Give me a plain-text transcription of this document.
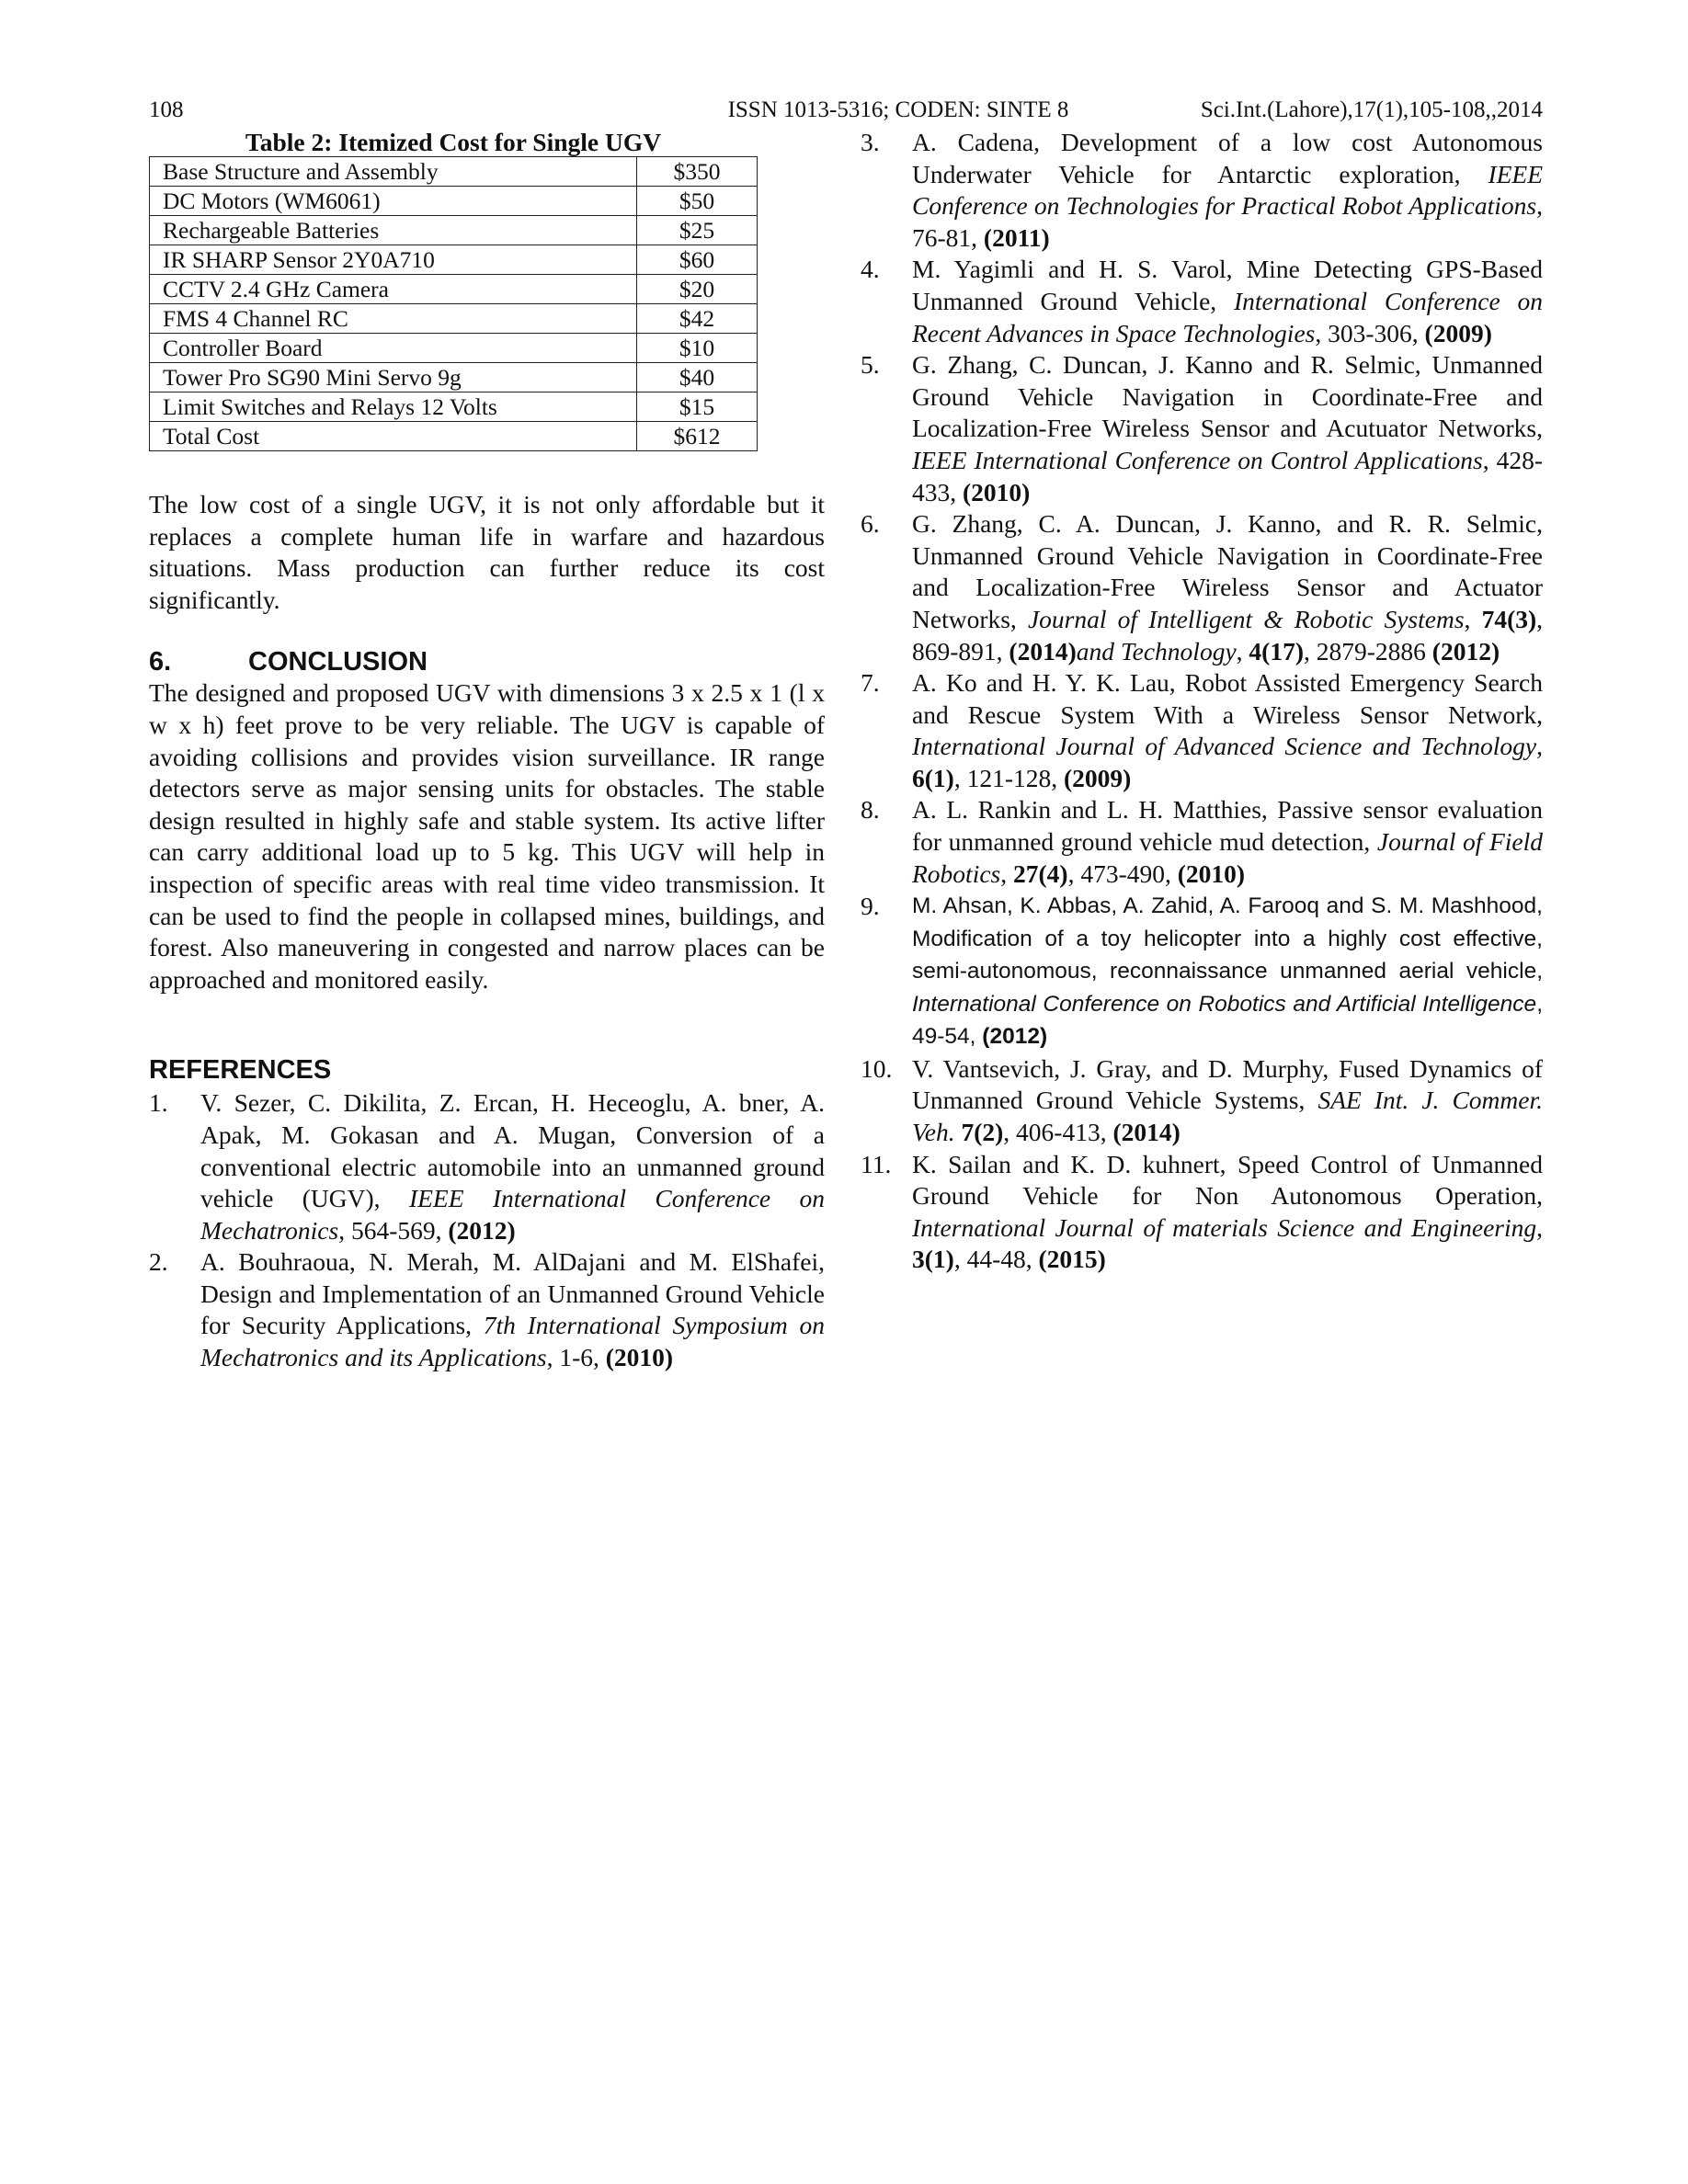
108	ISSN 1013-5316; CODEN: SINTE 8	Sci.Int.(Lahore),17(1),105-108,,2014
Table 2: Itemized Cost for Single UGV
Base Structure and Assembly	$350
DC Motors (WM6061)	$50
Rechargeable Batteries	$25
IR SHARP Sensor 2Y0A710	$60
CCTV 2.4 GHz Camera	$20
FMS 4 Channel RC	$42
Controller Board	$10
Tower Pro SG90 Mini Servo 9g	$40
Limit Switches and Relays 12 Volts	$15
Total Cost	$612

The low cost of a single UGV, it is not only affordable but it replaces a complete human life in warfare and hazardous situations. Mass production can further reduce its cost significantly.

6.	CONCLUSION

The designed and proposed UGV with dimensions 3 x 2.5 x 1 (l x w x h) feet prove to be very reliable. The UGV is capable of avoiding collisions and provides vision surveillance. IR range detectors serve as major sensing units for obstacles. The stable design resulted in highly safe and stable system. Its active lifter can carry additional load up to 5 kg. This UGV will help in inspection of specific areas with real time video transmission. It can be used to find the people in collapsed mines, buildings, and forest. Also maneuvering in congested and narrow places can be approached and monitored easily.

REFERENCES
1. V. Sezer, C. Dikilita, Z. Ercan, H. Heceoglu, A. bner, A. Apak, M. Gokasan and A. Mugan, Conversion of a conventional electric automobile into an unmanned ground vehicle (UGV), IEEE International Conference on Mechatronics, 564-569, (2012)
2. A. Bouhraoua, N. Merah, M. AlDajani and M. ElShafei, Design and Implementation of an Unmanned Ground Vehicle for Security Applications, 7th International Symposium on Mechatronics and its Applications, 1-6, (2010)
3. A. Cadena, Development of a low cost Autonomous Underwater Vehicle for Antarctic exploration, IEEE Conference on Technologies for Practical Robot Applications, 76-81, (2011)
4. M. Yagimli and H. S. Varol, Mine Detecting GPS-Based Unmanned Ground Vehicle, International Conference on Recent Advances in Space Technologies, 303-306, (2009)
5. G. Zhang, C. Duncan, J. Kanno and R. Selmic, Unmanned Ground Vehicle Navigation in Coordinate-Free and Localization-Free Wireless Sensor and Acutuator Networks, IEEE International Conference on Control Applications, 428-433, (2010)
6. G. Zhang, C. A. Duncan, J. Kanno, and R. R. Selmic, Unmanned Ground Vehicle Navigation in Coordinate-Free and Localization-Free Wireless Sensor and Actuator Networks, Journal of Intelligent & Robotic Systems, 74(3), 869-891, (2014)and Technology, 4(17), 2879-2886 (2012)
7. A. Ko and H. Y. K. Lau, Robot Assisted Emergency Search and Rescue System With a Wireless Sensor Network, International Journal of Advanced Science and Technology, 6(1), 121-128, (2009)
8. A. L. Rankin and L. H. Matthies, Passive sensor evaluation for unmanned ground vehicle mud detection, Journal of Field Robotics, 27(4), 473-490, (2010)
9. M. Ahsan, K. Abbas, A. Zahid, A. Farooq and S. M. Mashhood, Modification of a toy helicopter into a highly cost effective, semi-autonomous, reconnaissance unmanned aerial vehicle, International Conference on Robotics and Artificial Intelligence, 49-54, (2012)
10. V. Vantsevich, J. Gray, and D. Murphy, Fused Dynamics of Unmanned Ground Vehicle Systems, SAE Int. J. Commer. Veh. 7(2), 406-413, (2014)
11. K. Sailan and K. D. kuhnert, Speed Control of Unmanned Ground Vehicle for Non Autonomous Operation, International Journal of materials Science and Engineering, 3(1), 44-48, (2015)
